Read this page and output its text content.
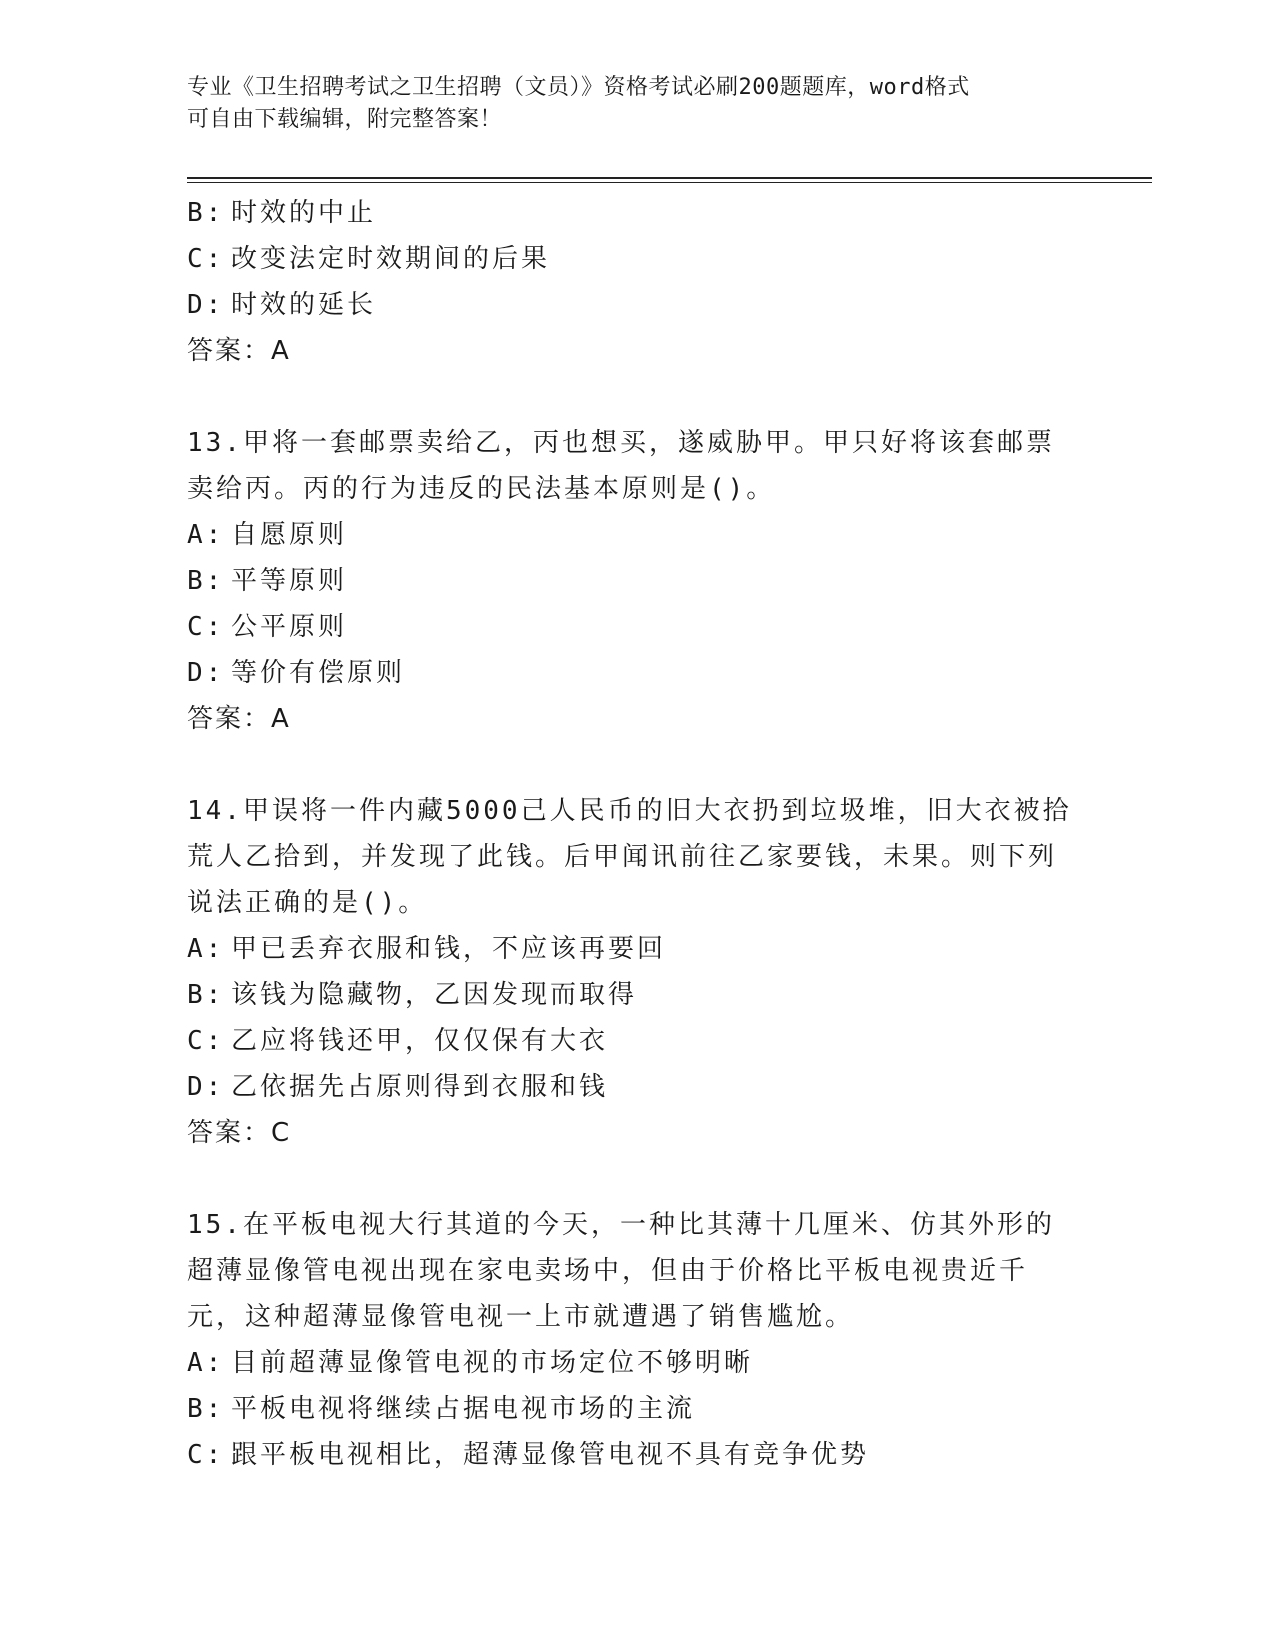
专业《卫生招聘考试之卫生招聘（文员）》资格考试必刷200题题库，word格式
可自由下载编辑，附完整答案！
B: 时效的中止
C: 改变法定时效期间的后果
D: 时效的延长
答案：A
13.甲将一套邮票卖给乙，丙也想买，遂威胁甲。甲只好将该套邮票卖给丙。丙的行为违反的民法基本原则是()。
A: 自愿原则
B: 平等原则
C: 公平原则
D: 等价有偿原则
答案：A
14.甲误将一件内藏5000己人民币的旧大衣扔到垃圾堆，旧大衣被拾荒人乙拾到，并发现了此钱。后甲闻讯前往乙家要钱，未果。则下列说法正确的是()。
A: 甲已丢弃衣服和钱，不应该再要回
B: 该钱为隐藏物，乙因发现而取得
C: 乙应将钱还甲，仅仅保有大衣
D: 乙依据先占原则得到衣服和钱
答案：C
15.在平板电视大行其道的今天，一种比其薄十几厘米、仿其外形的超薄显像管电视出现在家电卖场中，但由于价格比平板电视贵近千元，这种超薄显像管电视一上市就遭遇了销售尴尬。
A: 目前超薄显像管电视的市场定位不够明晰
B: 平板电视将继续占据电视市场的主流
C: 跟平板电视相比，超薄显像管电视不具有竞争优势
